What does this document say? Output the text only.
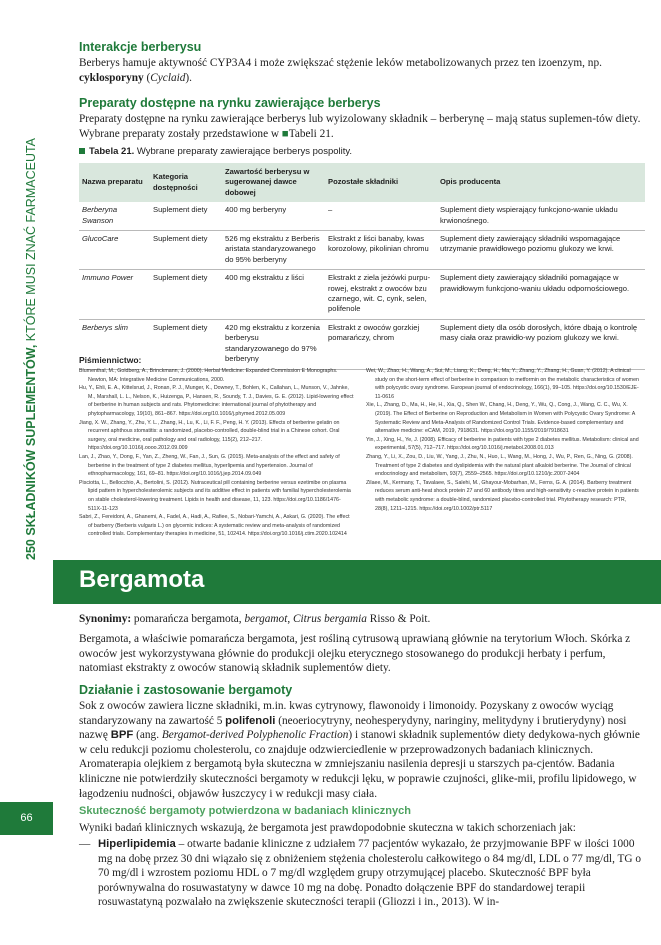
250 SKŁADNIKÓW SUPLEMENTÓW, KTÓRE MUSI ZNAĆ FARMACEUTA
66
Interakcje berberysu

Berberys hamuje aktywność CYP3A4 i może zwiększać stężenie leków metabolizowanych przez ten izoenzym, np. cyklosporyny (Cyclaid).

Preparaty dostępne na rynku zawierające berberys

Preparaty dostępne na rynku zawierające berberys lub wyizolowany składnik – berberynę – mają status suplemen-tów diety. Wybrane preparaty zostały przedstawione w ■Tabeli 21.

Tabela 21. Wybrane preparaty zawierające berberys pospolity.
Nazwa preparatu	Kategoria dostępności	Zawartość berberysu w sugerowanej dawce dobowej	Pozostałe składniki	Opis producenta
Berberyna Swanson	Suplement diety	400 mg berberyny	–	Suplement diety wspierający funkcjono-wanie układu krwionośnego.
GlucoCare	Suplement diety	526 mg ekstraktu z Berberis aristata standaryzowanego do 95% berberyny	Ekstrakt z liści banaby, kwas korozolowy, pikolinian chromu	Suplement diety zawierający składniki wspomagające utrzymanie prawidłowego poziomu glukozy we krwi.
Immuno Power	Suplement diety	400 mg ekstraktu z liści	Ekstrakt z ziela jeżówki purpu-rowej, ekstrakt z owoców bzu czarnego, wit. C, cynk, selen, polifenole	Suplement diety zawierający składniki pomagające w prawidłowym funkcjono-waniu układu odpornościowego.
Berberys slim	Suplement diety	420 mg ekstraktu z korzenia berberysu standaryzowanego do 97% berberyny	Ekstrakt z owoców gorzkiej pomarańczy, chrom	Suplement diety dla osób dorosłych, które dbają o kontrolę masy ciała oraz prawidło-wy poziom glukozy we krwi.
Piśmiennictwo:

Blumenthal, M., Goldberg, A., Brinckmann, J. (2000). Herbal Medicine: Expanded Commission E Monographs. Newton, MA: Integrative Medicine Communications, 2000.

Hu, Y., Ehli, E. A., Kittelsrud, J., Ronan, P. J., Munger, K., Downey, T., Bohlen, K., Callahan, L., Munson, V., Jahnke, M., Marshall, L. L., Nelson, K., Huizenga, P., Hansen, R., Soundy, T. J., Davies, G. E. (2012). Lipid-lowering effect of berberine in human subjects and rats. Phytomedicine: international journal of phytotherapy and phytopharmacology, 19(10), 861–867. https://doi.org/10.1016/j.phymed.2012.05.009

Jiang, X. W., Zhang, Y., Zhu, Y. L., Zhang, H., Lu, K., Li, F. F., Peng, H. Y. (2013). Effects of berberine gelatin on recurrent aphthous stomatitis: a randomized, placebo-controlled, double-blind trial in a Chinese cohort. Oral surgery, oral medicine, oral pathology and oral radiology, 115(2), 212–217. https://doi.org/10.1016/j.oooo.2012.09.009

Lan, J., Zhao, Y., Dong, F., Yan, Z., Zheng, W., Fan, J., Sun, G. (2015). Meta-analysis of the effect and safety of berberine in the treatment of type 2 diabetes mellitus, hyperlipemia and hypertension. Journal of ethnopharmacology, 161, 69–81. https://doi.org/10.1016/j.jep.2014.09.049

Pisciotta, L., Bellocchio, A., Bertolini, S. (2012). Nutraceutical pill containing berberine versus ezetimibe on plasma lipid pattern in hypercholesterolemic subjects and its additive effect in patients with familial hypercholesterolemia on stable cholesterol-lowering treatment. Lipids in health and disease, 11, 123. https://doi.org/10.1186/1476-511X-11-123

Sabri, Z., Fereidoni, A., Ghanemi, A., Fadel, A., Hadi, A., Rafiee, S., Nobari-Yamchi, A., Askari, G. (2020). The effect of barberry (Berberis vulgaris L.) on glycemic indices: A systematic review and meta-analysis of randomized controlled trials. Complementary therapies in medicine, 51, 102414. https://doi.org/10.1016/j.ctim.2020.102414

Wei, W., Zhao, H., Wang, A., Sui, M., Liang, K., Deng, H., Ma, Y., Zhang, Y., Zhang, H., Guan, Y. (2012). A clinical study on the short-term effect of berberine in comparison to metformin on the metabolic characteristics of women with polycystic ovary syndrome. European journal of endocrinology, 166(1), 99–105. https://doi.org/10.1530/EJE-11-0616

Xie, L., Zhang, D., Ma, H., He, H., Xia, Q., Shen W., Chang, H., Deng, Y., Wu, Q., Cong, J., Wang, C. C., Wu, X. (2019). The Effect of Berberine on Reproduction and Metabolism in Women with Polycystic Ovary Syndrome: A Systematic Review and Meta-Analysis of Randomized Control Trials. Evidence-based complementary and alternative medicine: eCAM, 2019, 7918631. https://doi.org/10.1155/2019/7918631

Yin, J., Xing, H., Ye, J. (2008). Efficacy of berberine in patients with type 2 diabetes mellitus. Metabolism: clinical and experimental, 57(5), 712–717. https://doi.org/10.1016/j.metabol.2008.01.013

Zhang, Y., Li, X., Zou, D., Liu, W., Yang, J., Zhu, N., Huo, L., Wang, M., Hong, J., Wu, P., Ren, G., Ning, G. (2008). Treatment of type 2 diabetes and dyslipidemia with the natural plant alkaloid berberine. The Journal of clinical endocrinology and metabolism, 93(7), 2559–2565. https://doi.org/10.1210/jc.2007-2404

Zilaee, M., Kermany, T., Tavalaee, S., Salehi, M., Ghayour-Mobarhan, M., Ferns, G. A. (2014). Barberry treatment reduces serum anti-heat shock protein 27 and 60 antibody titres and high-sensitivity c-reactive protein in patients with metabolic syndrome: a double-blind, randomized placebo-controlled trial. Phytotherapy research: PTR, 28(8), 1211–1215. https://doi.org/10.1002/ptr.5117

Synonimy: pomarańcza bergamota, bergamot, Citrus bergamia Risso & Poit.

Bergamota, a właściwie pomarańcza bergamota, jest rośliną cytrusową uprawianą głównie na terytorium Włoch. Skórka z owoców jest wykorzystywana głównie do produkcji olejku eterycznego stosowanego do produkcji herbaty i perfum, natomiast ekstrakty z owoców stanowią składnik suplementów diety.

Działanie i zastosowanie bergamoty

Sok z owoców zawiera liczne składniki, m.in. kwas cytrynowy, flawonoidy i limonoidy. Pozyskany z owoców wyciąg standaryzowany na zawartość 5 polifenoli (neoeriocytryny, neohesperydyny, naringiny, melitydyny i brutierydyny) nosi nazwę BPF (ang. Bergamot-derived Polyphenolic Fraction) i stanowi składnik suplementów diety dedykowa-nych głównie w celu redukcji poziomu cholesterolu, co znajduje odzwierciedlenie w przeprowadzonych badaniach klinicznych. Aromaterapia olejkiem z bergamotą była skuteczna w zmniejszaniu nasilenia depresji u starszych pa-cjentów. Badania kliniczne nie potwierdziły skuteczności bergamoty w redukcji lęku, w poprawie czujności, glike-mii, profilu lipidowego, w łagodzeniu nudności, objawów łuszczycy i w redukcji masy ciała.

Skuteczność bergamoty potwierdzona w badaniach klinicznych

Wyniki badań klinicznych wskazują, że bergamota jest prawdopodobnie skuteczna w takich schorzeniach jak:

— Hiperlipidemia – otwarte badanie kliniczne z udziałem 77 pacjentów wykazało, że przyjmowanie BPF w ilości 1000 mg na dobę przez 30 dni wiązało się z obniżeniem stężenia cholesterolu całkowitego o 84 mg/dl, LDL o 77 mg/dl, TG o 70 mg/dl i wzrostem poziomu HDL o 7 mg/dl względem grupy otrzymującej placebo. Skuteczność BPF była porównywalna do rosuwastatyny w dawce 10 mg na dobę. Ponadto dołączenie BPF do standardowej terapii rosuwastatyną pozwalało na zwiększenie skuteczności terapii (Gliozzi i in., 2013). W in-
Bergamota
